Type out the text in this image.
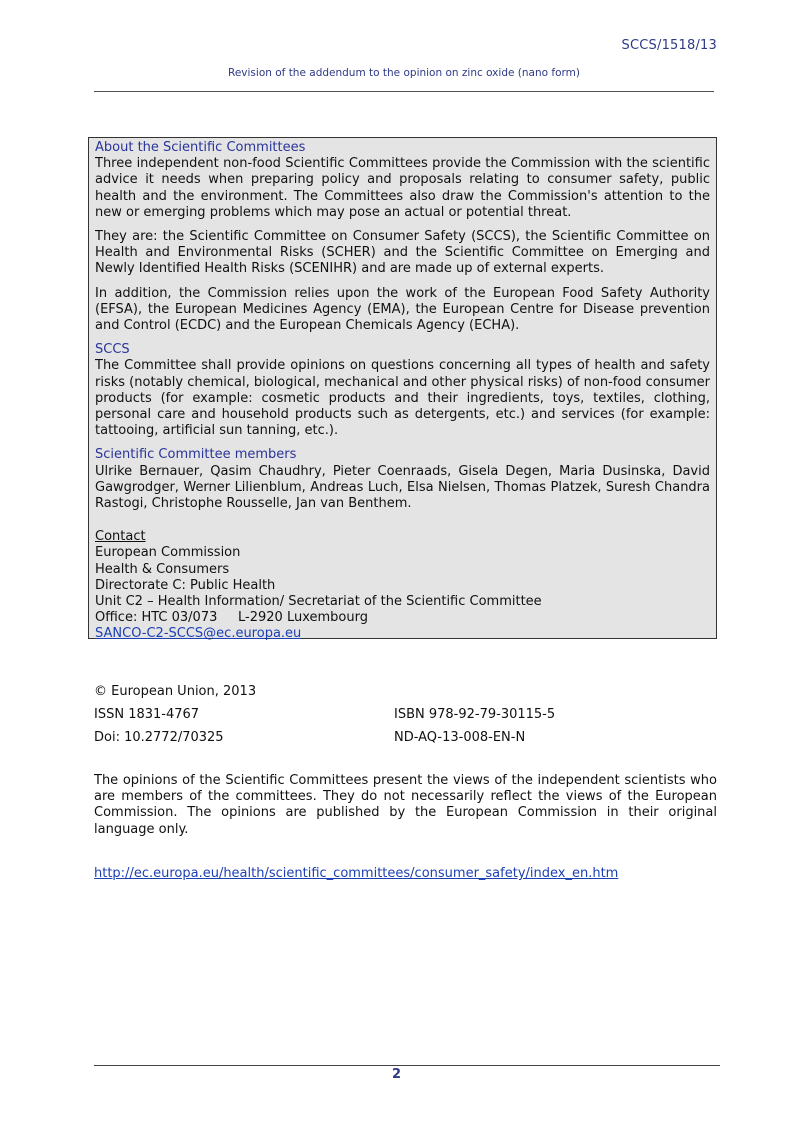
SCCS/1518/13
Revision of the addendum to the opinion on zinc oxide (nano form)
About the Scientific Committees

Three independent non-food Scientific Committees provide the Commission with the scientific advice it needs when preparing policy and proposals relating to consumer safety, public health and the environment. The Committees also draw the Commission's attention to the new or emerging problems which may pose an actual or potential threat.

They are: the Scientific Committee on Consumer Safety (SCCS), the Scientific Committee on Health and Environmental Risks (SCHER) and the Scientific Committee on Emerging and Newly Identified Health Risks (SCENIHR) and are made up of external experts.

In addition, the Commission relies upon the work of the European Food Safety Authority (EFSA), the European Medicines Agency (EMA), the European Centre for Disease prevention and Control (ECDC) and the European Chemicals Agency (ECHA).

SCCS

The Committee shall provide opinions on questions concerning all types of health and safety risks (notably chemical, biological, mechanical and other physical risks) of non-food consumer products (for example: cosmetic products and their ingredients, toys, textiles, clothing, personal care and household products such as detergents, etc.) and services (for example: tattooing, artificial sun tanning, etc.).

Scientific Committee members

Ulrike Bernauer, Qasim Chaudhry, Pieter Coenraads, Gisela Degen, Maria Dusinska, David Gawgrodger, Werner Lilienblum, Andreas Luch, Elsa Nielsen, Thomas Platzek, Suresh Chandra Rastogi, Christophe Rousselle, Jan van Benthem.

Contact
European Commission
Health & Consumers
Directorate C: Public Health
Unit C2 – Health Information/ Secretariat of the Scientific Committee
Office: HTC 03/073     L-2920 Luxembourg
SANCO-C2-SCCS@ec.europa.eu
© European Union, 2013
ISSN 1831-4767	ISBN 978-92-79-30115-5
Doi: 10.2772/70325	ND-AQ-13-008-EN-N

The opinions of the Scientific Committees present the views of the independent scientists who are members of the committees. They do not necessarily reflect the views of the European Commission. The opinions are published by the European Commission in their original language only.

http://ec.europa.eu/health/scientific_committees/consumer_safety/index_en.htm
2
